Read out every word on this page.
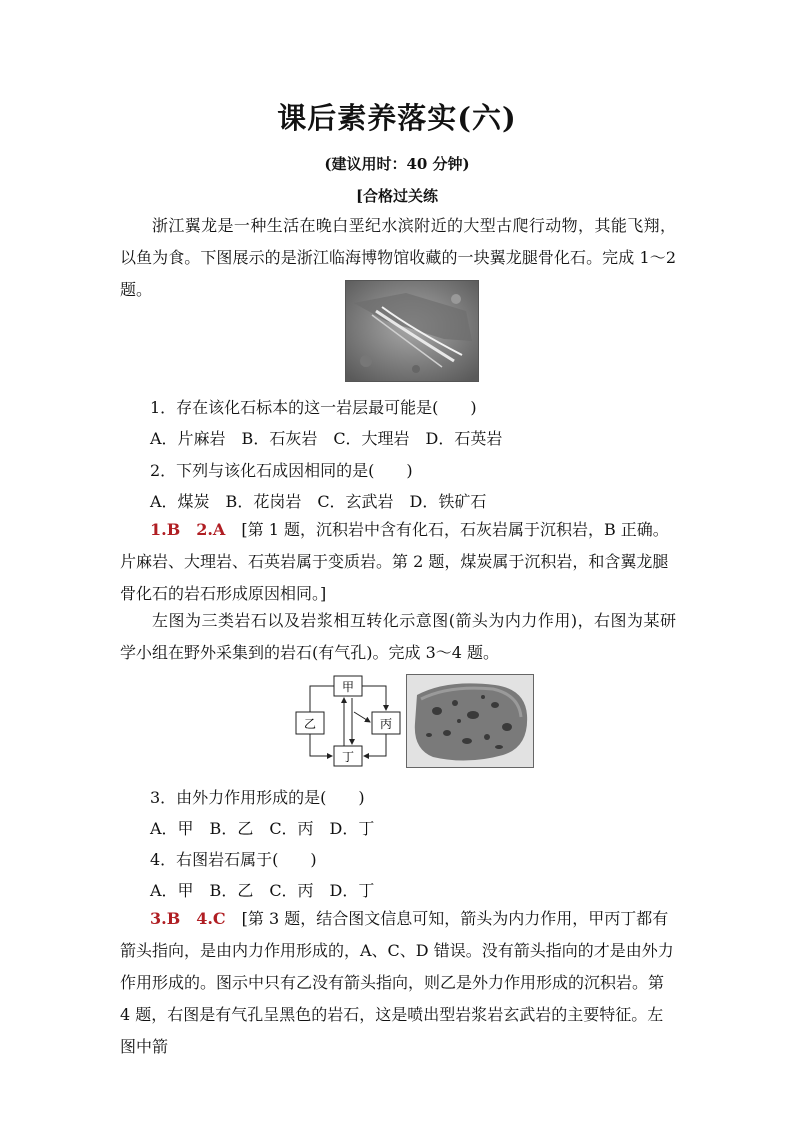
课后素养落实(六)
(建议用时：40 分钟)
[合格过关练
浙江翼龙是一种生活在晚白垩纪水滨附近的大型古爬行动物，其能飞翔，以鱼为食。下图展示的是浙江临海博物馆收藏的一块翼龙腿骨化石。完成 1～2 题。
1．存在该化石标本的这一岩层最可能是(　　)
A．片麻岩　B．石灰岩　C．大理岩　D．石英岩
2．下列与该化石成因相同的是(　　)
A．煤炭　B．花岗岩　C．玄武岩　D．铁矿石
1.B　2.A　[第 1 题，沉积岩中含有化石，石灰岩属于沉积岩，B 正确。片麻岩、大理岩、石英岩属于变质岩。第 2 题，煤炭属于沉积岩，和含翼龙腿骨化石的岩石形成原因相同。]
左图为三类岩石以及岩浆相互转化示意图(箭头为内力作用)，右图为某研学小组在野外采集到的岩石(有气孔)。完成 3～4 题。
甲
乙	丙
丁
3．由外力作用形成的是(　　)
A．甲　B．乙　C．丙　D．丁
4．右图岩石属于(　　)
A．甲　B．乙　C．丙　D．丁
3.B　4.C　[第 3 题，结合图文信息可知，箭头为内力作用，甲丙丁都有箭头指向，是由内力作用形成的，A、C、D 错误。没有箭头指向的才是由外力作用形成的。图示中只有乙没有箭头指向，则乙是外力作用形成的沉积岩。第 4 题，右图是有气孔呈黑色的岩石，这是喷出型岩浆岩玄武岩的主要特征。左图中箭
